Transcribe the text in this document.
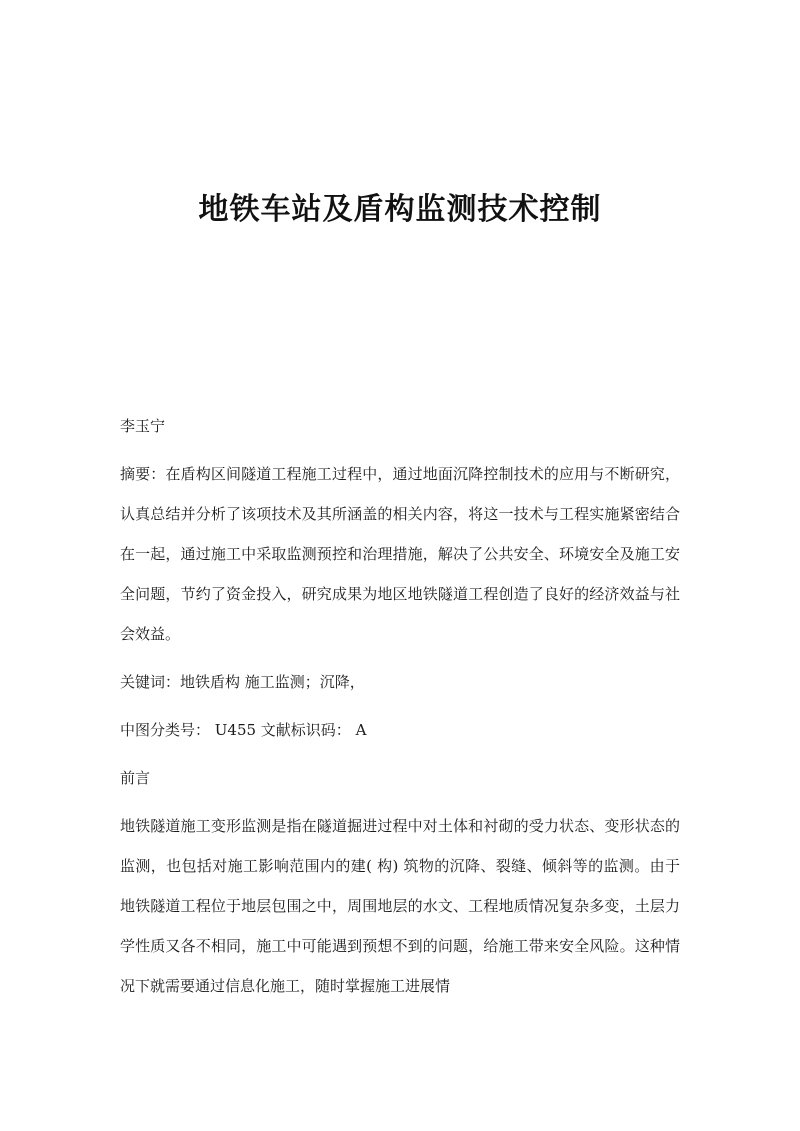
地铁车站及盾构监测技术控制

李玉宁

摘要：在盾构区间隧道工程施工过程中，通过地面沉降控制技术的应用与不断研究，认真总结并分析了该项技术及其所涵盖的相关内容，将这一技术与工程实施紧密结合在一起，通过施工中采取监测预控和治理措施，解决了公共安全、环境安全及施工安全问题，节约了资金投入，研究成果为地区地铁隧道工程创造了良好的经济效益与社会效益。

关键词：地铁盾构 施工监测；沉降，

中图分类号： U455 文献标识码： A

前言

地铁隧道施工变形监测是指在隧道掘进过程中对土体和衬砌的受力状态、变形状态的监测，也包括对施工影响范围内的建( 构) 筑物的沉降、裂缝、倾斜等的监测。由于地铁隧道工程位于地层包围之中，周围地层的水文、工程地质情况复杂多变，土层力学性质又各不相同，施工中可能遇到预想不到的问题，给施工带来安全风险。这种情况下就需要通过信息化施工，随时掌握施工进展情
